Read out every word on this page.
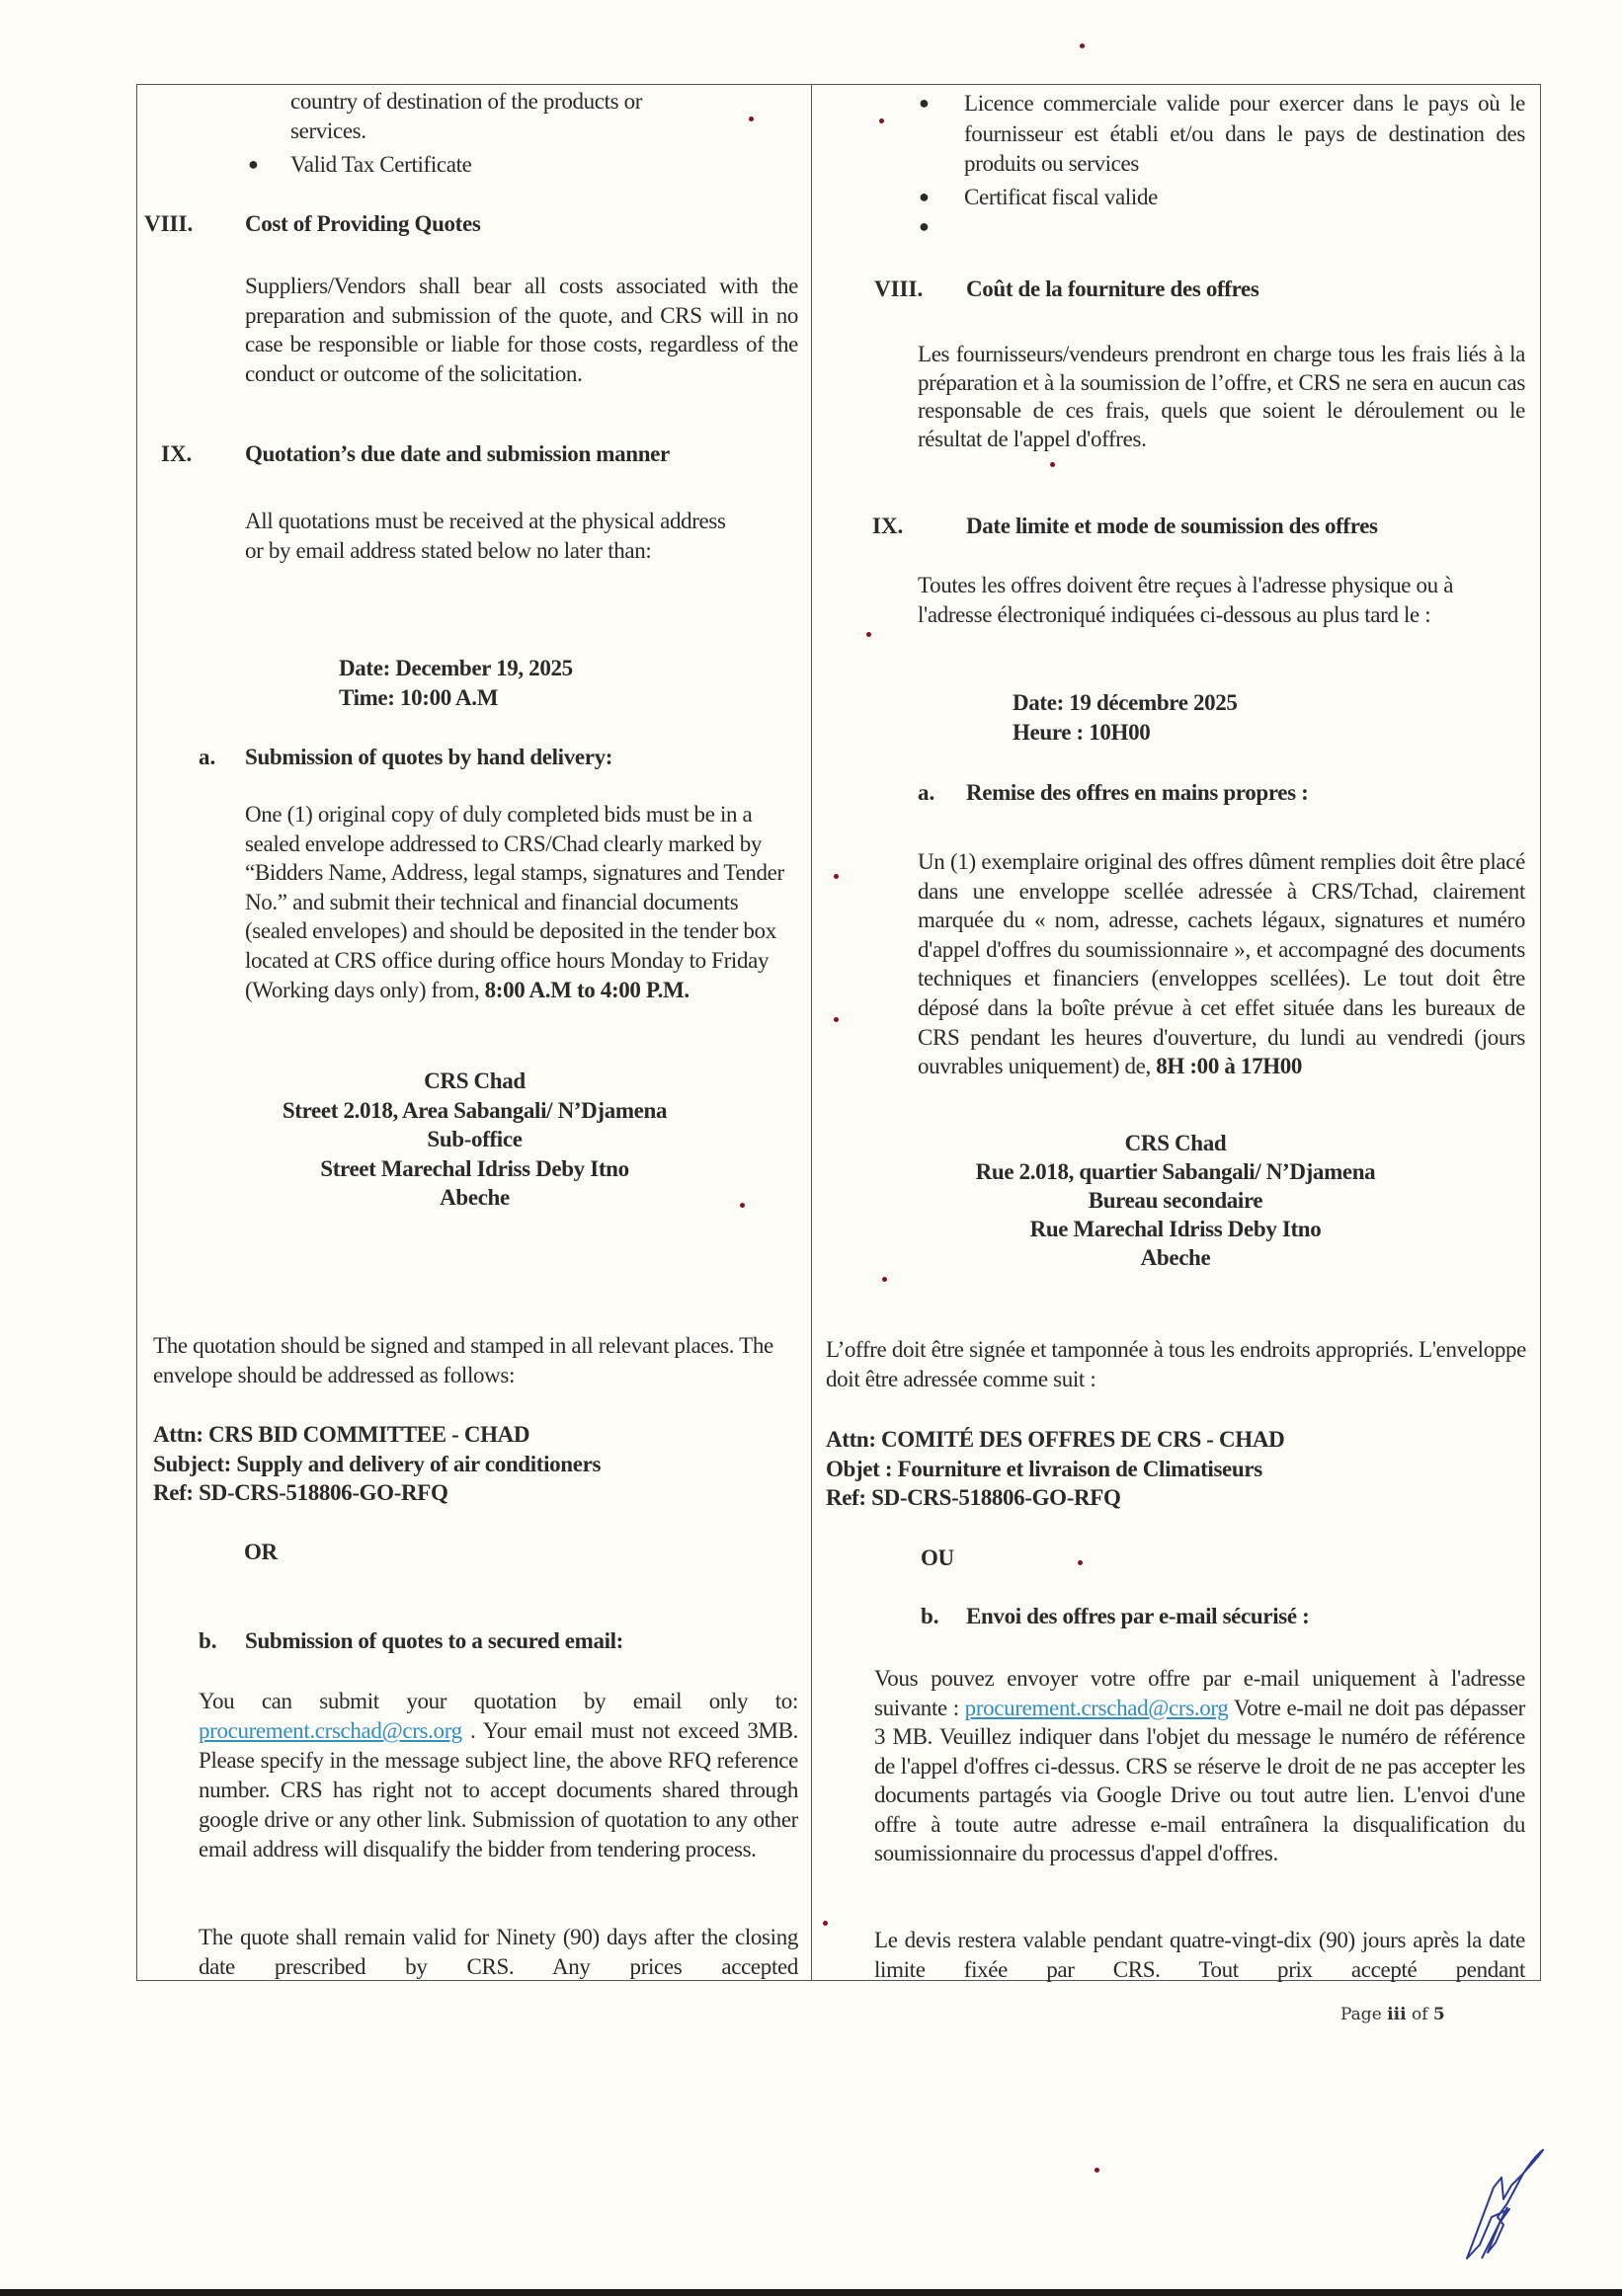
country of destination of the products or
services.
● Valid Tax Certificate
VIII. Cost of Providing Quotes
Suppliers/Vendors shall bear all costs associated with the preparation and submission of the quote, and CRS will in no case be responsible or liable for those costs, regardless of the conduct or outcome of the solicitation.
IX. Quotation’s due date and submission manner
All quotations must be received at the physical address or by email address stated below no later than:
Date: December 19, 2025
Time: 10:00 A.M
a. Submission of quotes by hand delivery:
One (1) original copy of duly completed bids must be in a sealed envelope addressed to CRS/Chad clearly marked by “Bidders Name, Address, legal stamps, signatures and Tender No.” and submit their technical and financial documents (sealed envelopes) and should be deposited in the tender box located at CRS office during office hours Monday to Friday (Working days only) from, 8:00 A.M to 4:00 P.M.
CRS Chad
Street 2.018, Area Sabangali/ N’Djamena
Sub-office
Street Marechal Idriss Deby Itno
Abeche
The quotation should be signed and stamped in all relevant places. The envelope should be addressed as follows:
Attn: CRS BID COMMITTEE - CHAD
Subject: Supply and delivery of air conditioners
Ref: SD-CRS-518806-GO-RFQ
OR
b. Submission of quotes to a secured email:
You can submit your quotation by email only to: procurement.crschad@crs.org . Your email must not exceed 3MB. Please specify in the message subject line, the above RFQ reference number. CRS has right not to accept documents shared through google drive or any other link. Submission of quotation to any other email address will disqualify the bidder from tendering process.
The quote shall remain valid for Ninety (90) days after the closing date prescribed by CRS. Any prices accepted
● Licence commerciale valide pour exercer dans le pays où le fournisseur est établi et/ou dans le pays de destination des produits ou services
● Certificat fiscal valide
●
VIII. Coût de la fourniture des offres
Les fournisseurs/vendeurs prendront en charge tous les frais liés à la préparation et à la soumission de l’offre, et CRS ne sera en aucun cas responsable de ces frais, quels que soient le déroulement ou le résultat de l'appel d'offres.
IX.	Date limite et mode de soumission des offres
Toutes les offres doivent être reçues à l'adresse physique ou à l'adresse électroniqué indiquées ci-dessous au plus tard le :
Date: 19 décembre 2025
Heure : 10H00
a. Remise des offres en mains propres :
Un (1) exemplaire original des offres dûment remplies doit être placé dans une enveloppe scellée adressée à CRS/Tchad, clairement marquée du « nom, adresse, cachets légaux, signatures et numéro d'appel d'offres du soumissionnaire », et accompagné des documents techniques et financiers (enveloppes scellées). Le tout doit être déposé dans la boîte prévue à cet effet située dans les bureaux de CRS pendant les heures d'ouverture, du lundi au vendredi (jours ouvrables uniquement) de, 8H :00 à 17H00
CRS Chad
Rue 2.018, quartier Sabangali/ N’Djamena
Bureau secondaire
Rue Marechal Idriss Deby Itno
Abeche
L’offre doit être signée et tamponnée à tous les endroits appropriés. L'enveloppe doit être adressée comme suit :
Attn: COMITÉ DES OFFRES DE CRS - CHAD
Objet : Fourniture et livraison de Climatiseurs
Ref: SD-CRS-518806-GO-RFQ
OU
b. Envoi des offres par e-mail sécurisé :
Vous pouvez envoyer votre offre par e-mail uniquement à l'adresse suivante : procurement.crschad@crs.org Votre e-mail ne doit pas dépasser 3 MB. Veuillez indiquer dans l'objet du message le numéro de référence de l'appel d'offres ci-dessus. CRS se réserve le droit de ne pas accepter les documents partagés via Google Drive ou tout autre lien. L'envoi d'une offre à toute autre adresse e-mail entraînera la disqualification du soumissionnaire du processus d'appel d'offres.
Le devis restera valable pendant quatre-vingt-dix (90) jours après la date limite fixée par CRS. Tout prix accepté pendant
Page iii of 5
